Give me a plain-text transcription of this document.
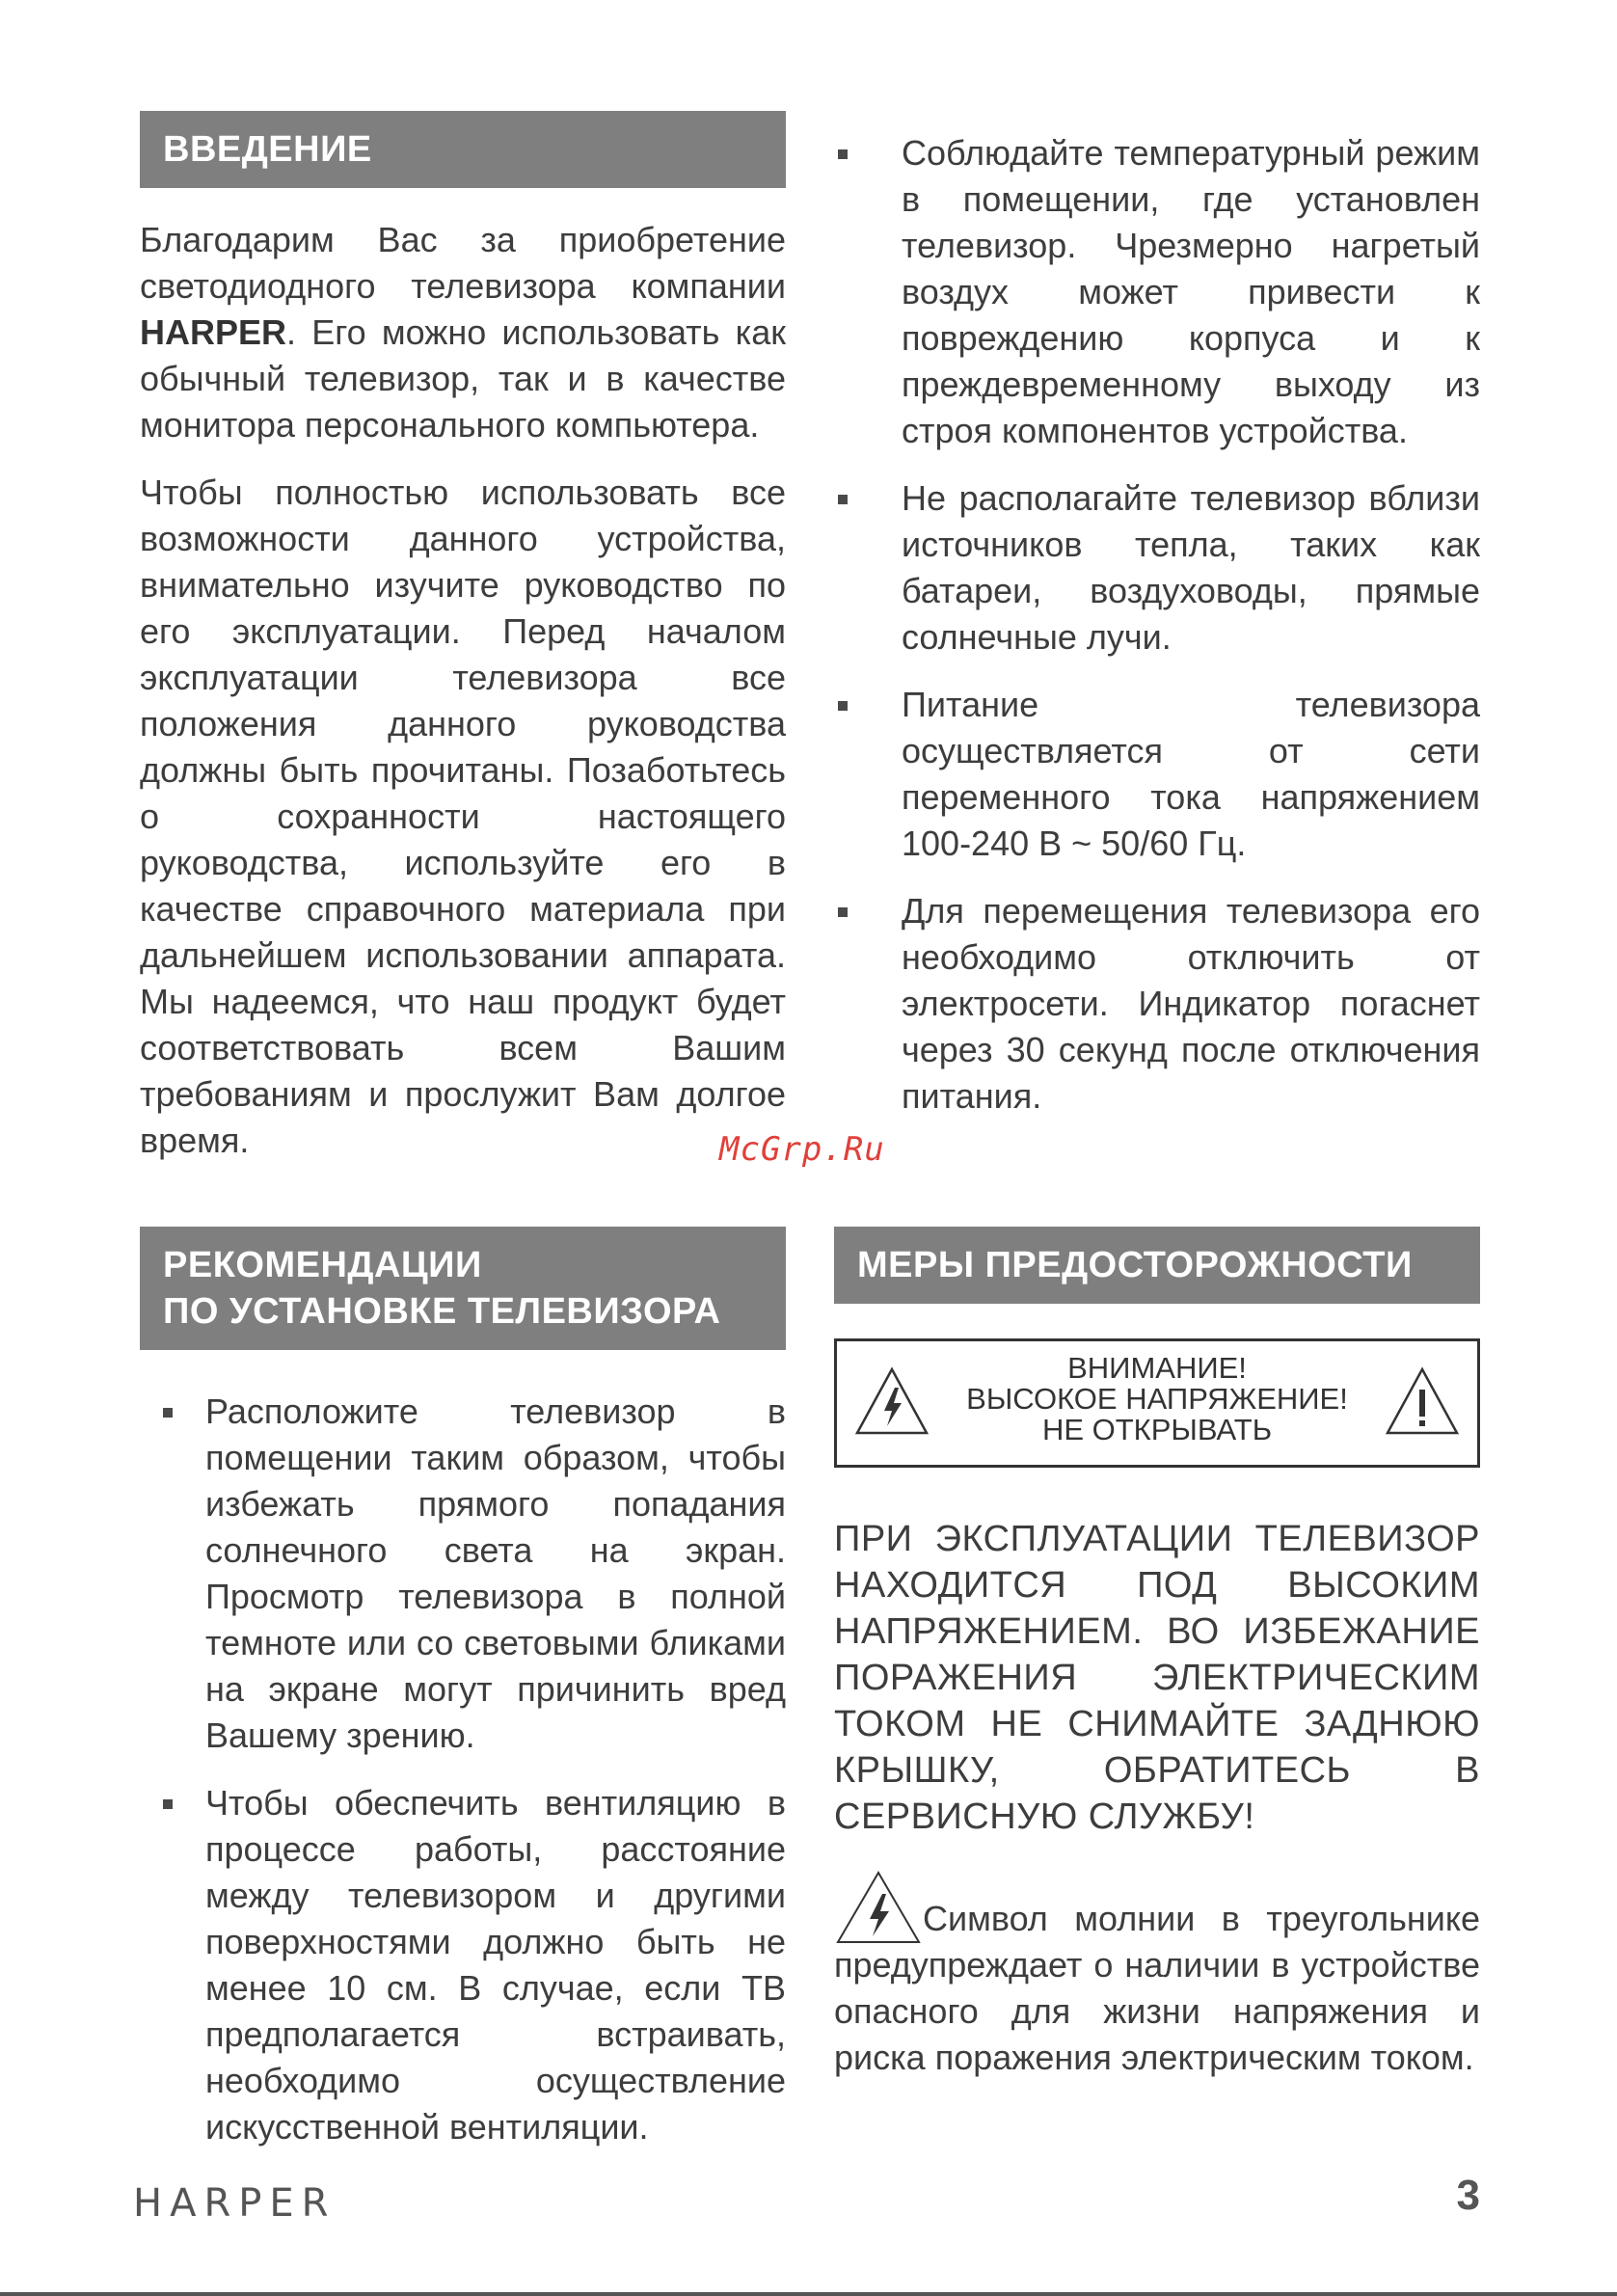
ВВЕДЕНИЕ

Благодарим Вас за приобретение светодиодного телевизора компании HARPER. Его можно использовать как обычный телевизор, так и в качестве монитора персонального компьютера.

Чтобы полностью использовать все возможности данного устройства, внимательно изучите руководство по его эксплуатации. Перед началом эксплуатации телевизора все положения данного руководства должны быть прочитаны. Позаботьтесь о сохранности настоящего руководства, используйте его в качестве справочного материала при дальнейшем использовании аппарата. Мы надеемся, что наш продукт будет соответствовать всем Вашим требованиям и прослужит Вам долгое время.

Соблюдайте температурный режим в помещении, где установлен телевизор. Чрезмерно нагретый воздух может привести к повреждению корпуса и к преждевременному выходу из строя компонентов устройства.
Не располагайте телевизор вблизи источников тепла, таких как батареи, воздуховоды, прямые солнечные лучи.
Питание телевизора осуществляется от сети переменного тока напряжением 100-240 В ~ 50/60 Гц.
Для перемещения телевизора его необходимо отключить от электросети. Индикатор погаснет через 30 секунд после отключения питания.
McGrp.Ru
РЕКОМЕНДАЦИИ
ПО УСТАНОВКЕ ТЕЛЕВИЗОРА
Расположите телевизор в помещении таким образом, чтобы избежать прямого попадания солнечного света на экран. Просмотр телевизора в полной темноте или со световыми бликами на экране могут причинить вред Вашему зрению.
Чтобы обеспечить вентиляцию в процессе работы, расстояние между телевизором и другими поверхностями должно быть не менее 10 см. В случае, если ТВ предполагается встраивать, необходимо осуществление искусственной вентиляции.
МЕРЫ ПРЕДОСТОРОЖНОСТИ
ВНИМАНИЕ!
ВЫСОКОЕ НАПРЯЖЕНИЕ!
НЕ ОТКРЫВАТЬ
ПРИ ЭКСПЛУАТАЦИИ ТЕЛЕВИЗОР НАХОДИТСЯ ПОД ВЫСОКИМ НАПРЯЖЕНИЕМ. ВО ИЗБЕЖАНИЕ ПОРАЖЕНИЯ ЭЛЕКТРИЧЕСКИМ ТОКОМ НЕ СНИМАЙТЕ ЗАДНЮЮ КРЫШКУ, ОБРАТИТЕСЬ В СЕРВИСНУЮ СЛУЖБУ!
Символ молнии в треугольнике предупреждает о наличии в устройстве опасного для жизни напряжения и риска поражения электрическим током.
HARPER	3
